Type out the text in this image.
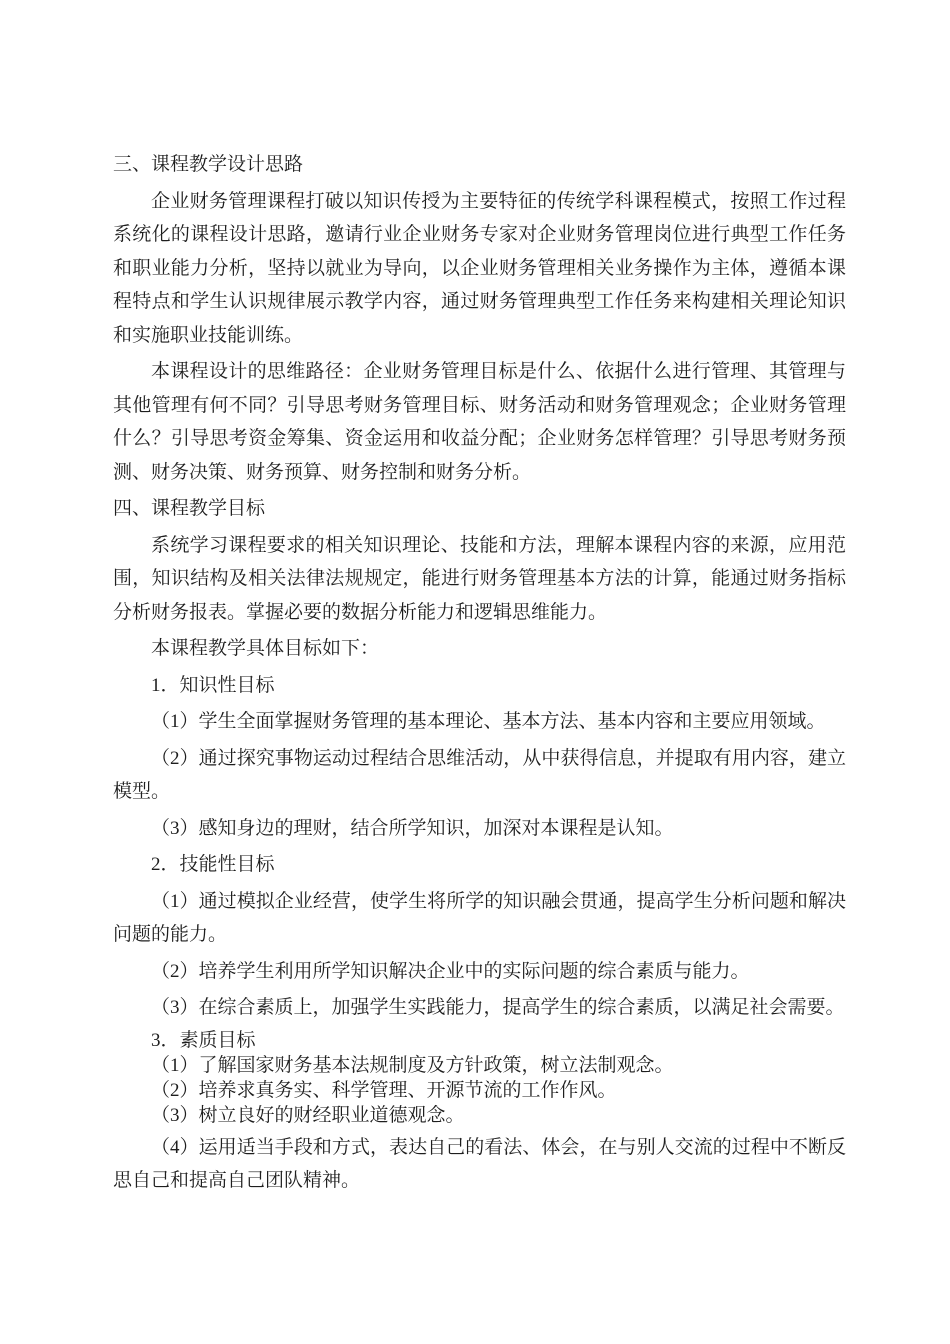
三、课程教学设计思路

企业财务管理课程打破以知识传授为主要特征的传统学科课程模式，按照工作过程系统化的课程设计思路，邀请行业企业财务专家对企业财务管理岗位进行典型工作任务和职业能力分析，坚持以就业为导向，以企业财务管理相关业务操作为主体，遵循本课程特点和学生认识规律展示教学内容，通过财务管理典型工作任务来构建相关理论知识和实施职业技能训练。

本课程设计的思维路径：企业财务管理目标是什么、依据什么进行管理、其管理与其他管理有何不同？引导思考财务管理目标、财务活动和财务管理观念；企业财务管理什么？引导思考资金筹集、资金运用和收益分配；企业财务怎样管理？引导思考财务预测、财务决策、财务预算、财务控制和财务分析。

四、课程教学目标

系统学习课程要求的相关知识理论、技能和方法，理解本课程内容的来源，应用范围，知识结构及相关法律法规规定，能进行财务管理基本方法的计算，能通过财务指标分析财务报表。掌握必要的数据分析能力和逻辑思维能力。

本课程教学具体目标如下：

1．知识性目标

（1）学生全面掌握财务管理的基本理论、基本方法、基本内容和主要应用领域。

（2）通过探究事物运动过程结合思维活动，从中获得信息，并提取有用内容，建立模型。

（3）感知身边的理财，结合所学知识，加深对本课程是认知。

2．技能性目标

（1）通过模拟企业经营，使学生将所学的知识融会贯通，提高学生分析问题和解决问题的能力。

（2）培养学生利用所学知识解决企业中的实际问题的综合素质与能力。

（3）在综合素质上，加强学生实践能力，提高学生的综合素质，以满足社会需要。

3．素质目标

（1）了解国家财务基本法规制度及方针政策，树立法制观念。

（2）培养求真务实、科学管理、开源节流的工作作风。

（3）树立良好的财经职业道德观念。

（4）运用适当手段和方式，表达自己的看法、体会，在与别人交流的过程中不断反思自己和提高自己团队精神。
